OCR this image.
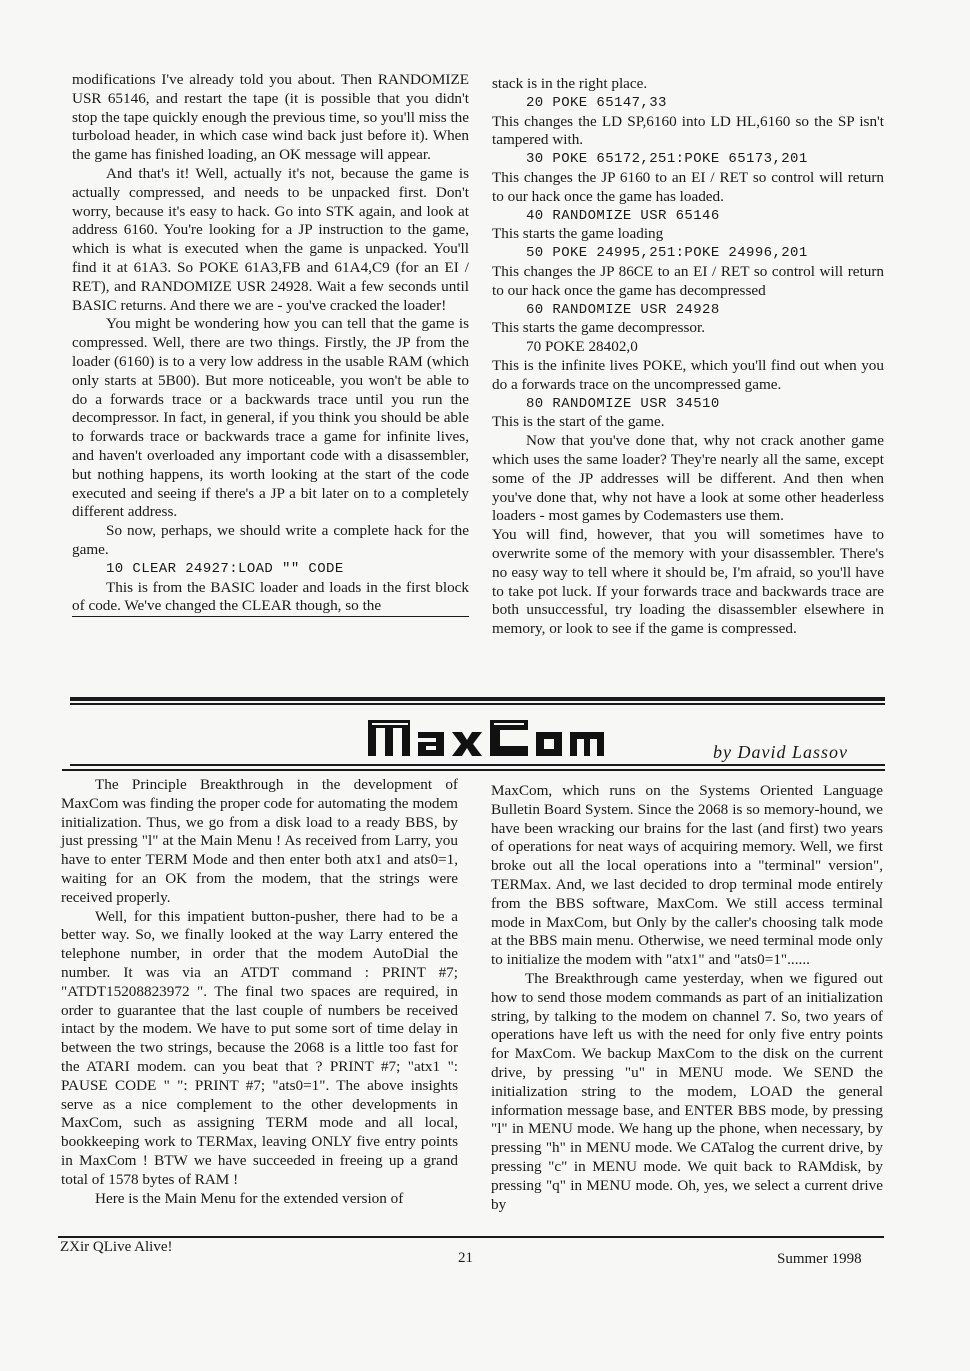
modifications I've already told you about. Then RANDOMIZE USR 65146, and restart the tape (it is possible that you didn't stop the tape quickly enough the previous time, so you'll miss the turboload header, in which case wind back just before it). When the game has finished loading, an OK message will appear.

And that's it! Well, actually it's not, because the game is actually compressed, and needs to be unpacked first. Don't worry, because it's easy to hack. Go into STK again, and look at address 6160. You're looking for a JP instruction to the game, which is what is executed when the game is unpacked. You'll find it at 61A3. So POKE 61A3,FB and 61A4,C9 (for an EI / RET), and RANDOMIZE USR 24928. Wait a few seconds until BASIC returns. And there we are - you've cracked the loader!

You might be wondering how you can tell that the game is compressed. Well, there are two things. Firstly, the JP from the loader (6160) is to a very low address in the usable RAM (which only starts at 5B00). But more noticeable, you won't be able to do a forwards trace or a backwards trace until you run the decompressor. In fact, in general, if you think you should be able to forwards trace or backwards trace a game for infinite lives, and haven't overloaded any important code with a disassembler, but nothing happens, its worth looking at the start of the code executed and seeing if there's a JP a bit later on to a completely different address.

So now, perhaps, we should write a complete hack for the game.

10 CLEAR 24927:LOAD "" CODE

This is from the BASIC loader and loads in the first block of code. We've changed the CLEAR though, so the

stack is in the right place.

20 POKE 65147,33

This changes the LD SP,6160 into LD HL,6160 so the SP isn't tampered with.

30 POKE 65172,251:POKE 65173,201

This changes the JP 6160 to an EI / RET so control will return to our hack once the game has loaded.

40 RANDOMIZE USR 65146

This starts the game loading

50 POKE 24995,251:POKE 24996,201

This changes the JP 86CE to an EI / RET so control will return to our hack once the game has decompressed

60 RANDOMIZE USR 24928

This starts the game decompressor.

70 POKE 28402,0

This is the infinite lives POKE, which you'll find out when you do a forwards trace on the uncompressed game.

80 RANDOMIZE USR 34510

This is the start of the game.

Now that you've done that, why not crack another game which uses the same loader? They're nearly all the same, except some of the JP addresses will be different. And then when you've done that, why not have a look at some other headerless loaders - most games by Codemasters use them.

You will find, however, that you will sometimes have to overwrite some of the memory with your disassembler. There's no easy way to tell where it should be, I'm afraid, so you'll have to take pot luck. If your forwards trace and backwards trace are both unsuccessful, try loading the disassembler elsewhere in memory, or look to see if the game is compressed.

by David Lassov

The Principle Breakthrough in the development of MaxCom was finding the proper code for automating the modem initialization. Thus, we go from a disk load to a ready BBS, by just pressing "l" at the Main Menu ! As received from Larry, you have to enter TERM Mode and then enter both atx1 and ats0=1, waiting for an OK from the modem, that the strings were received properly.

Well, for this impatient button-pusher, there had to be a better way. So, we finally looked at the way Larry entered the telephone number, in order that the modem AutoDial the number. It was via an ATDT command : PRINT #7; "ATDT15208823972 ". The final two spaces are required, in order to guarantee that the last couple of numbers be received intact by the modem. We have to put some sort of time delay in between the two strings, because the 2068 is a little too fast for the ATARI modem. can you beat that ? PRINT #7; "atx1 ": PAUSE CODE " ": PRINT #7; "ats0=1". The above insights serve as a nice complement to the other developments in MaxCom, such as assigning TERM mode and all local, bookkeeping work to TERMax, leaving ONLY five entry points in MaxCom ! BTW we have succeeded in freeing up a grand total of 1578 bytes of RAM !

Here is the Main Menu for the extended version of

MaxCom, which runs on the Systems Oriented Language Bulletin Board System. Since the 2068 is so memory-hound, we have been wracking our brains for the last (and first) two years of operations for neat ways of acquiring memory. Well, we first broke out all the local operations into a "terminal" version", TERMax. And, we last decided to drop terminal mode entirely from the BBS software, MaxCom. We still access terminal mode in MaxCom, but Only by the caller's choosing talk mode at the BBS main menu. Otherwise, we need terminal mode only to initialize the modem with "atx1" and "ats0=1"......

The Breakthrough came yesterday, when we figured out how to send those modem commands as part of an initialization string, by talking to the modem on channel 7. So, two years of operations have left us with the need for only five entry points for MaxCom. We backup MaxCom to the disk on the current drive, by pressing "u" in MENU mode. We SEND the initialization string to the modem, LOAD the general information message base, and ENTER BBS mode, by pressing "l" in MENU mode. We hang up the phone, when necessary, by pressing "h" in MENU mode. We CATalog the current drive, by pressing "c" in MENU mode. We quit back to RAMdisk, by pressing "q" in MENU mode. Oh, yes, we select a current drive by

ZXir QLive Alive!
21	Summer 1998
